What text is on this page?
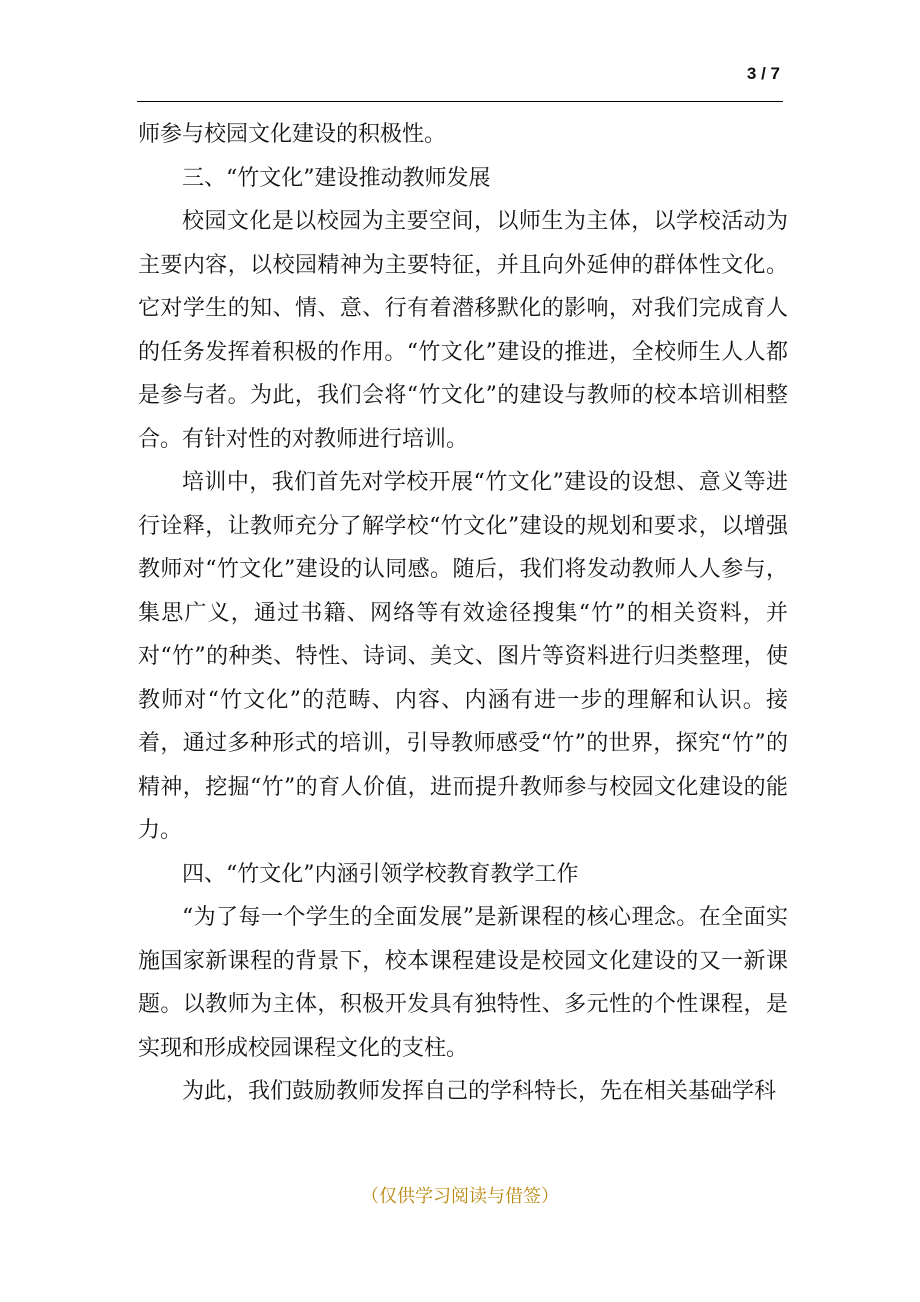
3 / 7

师参与校园文化建设的积极性。

三、“竹文化”建设推动教师发展

校园文化是以校园为主要空间，以师生为主体，以学校活动为主要内容，以校园精神为主要特征，并且向外延伸的群体性文化。它对学生的知、情、意、行有着潜移默化的影响，对我们完成育人的任务发挥着积极的作用。“竹文化”建设的推进，全校师生人人都是参与者。为此，我们会将“竹文化”的建设与教师的校本培训相整合。有针对性的对教师进行培训。

培训中，我们首先对学校开展“竹文化”建设的设想、意义等进行诠释，让教师充分了解学校“竹文化”建设的规划和要求，以增强教师对“竹文化”建设的认同感。随后，我们将发动教师人人参与，集思广义，通过书籍、网络等有效途径搜集“竹”的相关资料，并对“竹”的种类、特性、诗词、美文、图片等资料进行归类整理，使教师对“竹文化”的范畴、内容、内涵有进一步的理解和认识。接着，通过多种形式的培训，引导教师感受“竹”的世界，探究“竹”的精神，挖掘“竹”的育人价值，进而提升教师参与校园文化建设的能力。

四、“竹文化”内涵引领学校教育教学工作

“为了每一个学生的全面发展”是新课程的核心理念。在全面实施国家新课程的背景下，校本课程建设是校园文化建设的又一新课题。以教师为主体，积极开发具有独特性、多元性的个性课程，是实现和形成校园课程文化的支柱。

为此，我们鼓励教师发挥自己的学科特长，先在相关基础学科

（仅供学习阅读与借签）
